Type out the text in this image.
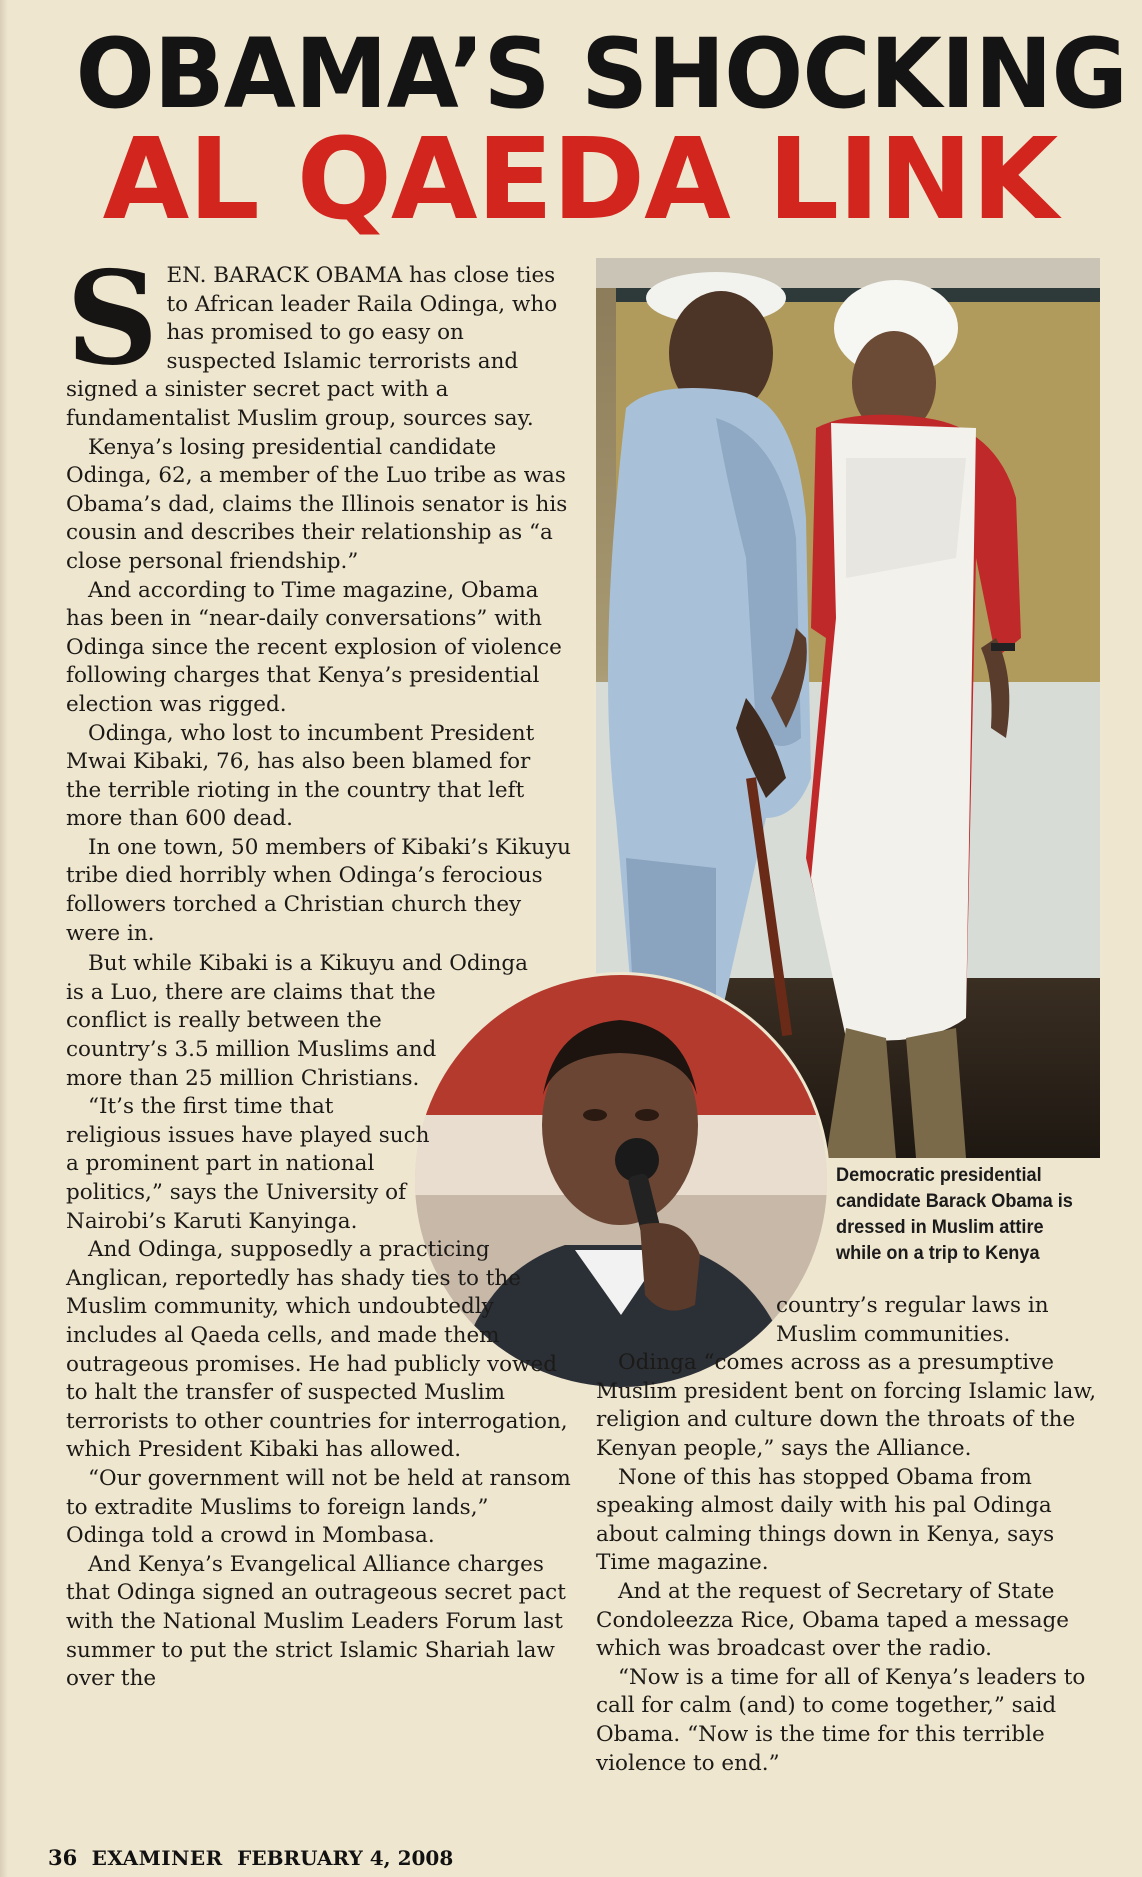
OBAMA’S SHOCKING
AL QAEDA LINK

Democratic presidential candidate Barack Obama is dressed in Muslim attire while on a trip to Kenya

S EN. BARACK OBAMA has close ties to African leader Raila Odinga, who has promised to go easy on suspected Islamic terrorists and signed a sinister secret pact with a fundamentalist Muslim group, sources say.

Kenya’s losing presidential candidate Odinga, 62, a member of the Luo tribe as was Obama’s dad, claims the Illinois senator is his cousin and describes their relationship as “a close personal friendship.”

And according to Time magazine, Obama has been in “near-daily conversations” with Odinga since the recent explosion of violence following charges that Kenya’s presidential election was rigged.

Odinga, who lost to incumbent President Mwai Kibaki, 76, has also been blamed for the terrible rioting in the country that left more than 600 dead.

In one town, 50 members of Kibaki’s Kikuyu tribe died horribly when Odinga’s ferocious followers torched a Christian church they were in.

But while Kibaki is a Kikuyu and Odinga is a Luo, there are claims that the conflict is really between the country’s 3.5 million Muslims and more than 25 million Christians.

“It’s the first time that religious issues have played such a prominent part in national politics,” says the University of Nairobi’s Karuti Kanyinga.

And Odinga, supposedly a practicing Anglican, reportedly has shady ties to the Muslim community, which undoubtedly includes al Qaeda cells, and made them outrageous promises. He had publicly vowed to halt the transfer of suspected Muslim terrorists to other countries for interrogation, which President Kibaki has allowed.

“Our government will not be held at ransom to extradite Muslims to foreign lands,” Odinga told a crowd in Mombasa.

And Kenya’s Evangelical Alliance charges that Odinga signed an outrageous secret pact with the National Muslim Leaders Forum last summer to put the strict Islamic Shariah law over the

country’s regular laws in Muslim communities.

Odinga “comes across as a presumptive Muslim president bent on forcing Islamic law, religion and culture down the throats of the Kenyan people,” says the Alliance.

None of this has stopped Obama from speaking almost daily with his pal Odinga about calming things down in Kenya, says Time magazine.

And at the request of Secretary of State Condoleezza Rice, Obama taped a message which was broadcast over the radio.

“Now is a time for all of Kenya’s leaders to call for calm (and) to come together,” said Obama. “Now is the time for this terrible violence to end.”

36 EXAMINER FEBRUARY 4, 2008
